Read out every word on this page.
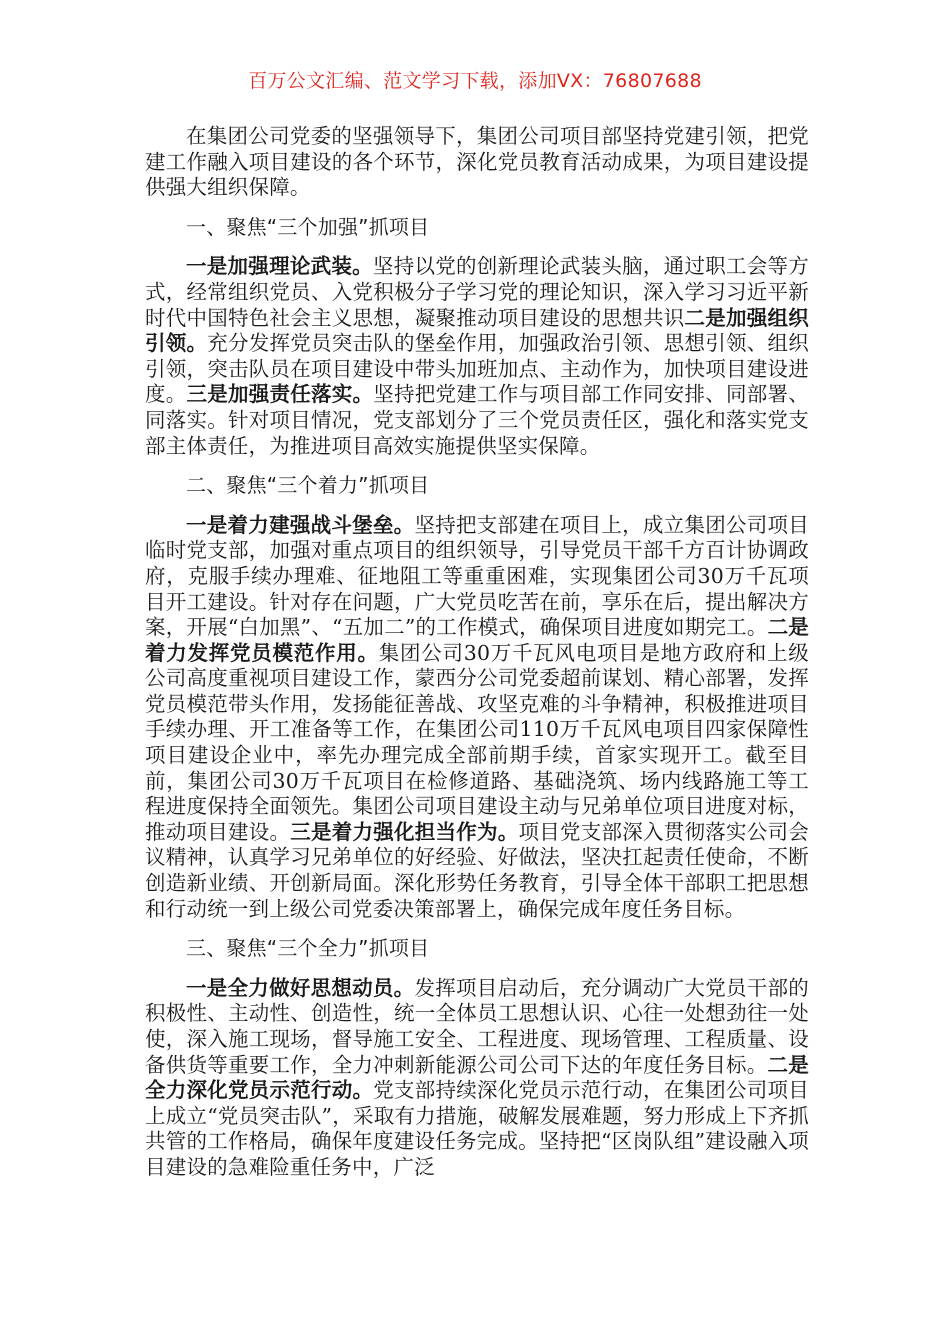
百万公文汇编、范文学习下载，添加VX：76807688

在集团公司党委的坚强领导下，集团公司项目部坚持党建引领，把党建工作融入项目建设的各个环节，深化党员教育活动成果，为项目建设提供强大组织保障。

一、聚焦“三个加强”抓项目

一是加强理论武装。坚持以党的创新理论武装头脑，通过职工会等方式，经常组织党员、入党积极分子学习党的理论知识，深入学习习近平新时代中国特色社会主义思想，凝聚推动项目建设的思想共识二是加强组织引领。充分发挥党员突击队的堡垒作用，加强政治引领、思想引领、组织引领，突击队员在项目建设中带头加班加点、主动作为，加快项目建设进度。三是加强责任落实。坚持把党建工作与项目部工作同安排、同部署、同落实。针对项目情况，党支部划分了三个党员责任区，强化和落实党支部主体责任，为推进项目高效实施提供坚实保障。

二、聚焦“三个着力”抓项目

一是着力建强战斗堡垒。坚持把支部建在项目上，成立集团公司项目临时党支部，加强对重点项目的组织领导，引导党员干部千方百计协调政府，克服手续办理难、征地阻工等重重困难，实现集团公司30万千瓦项目开工建设。针对存在问题，广大党员吃苦在前，享乐在后，提出解决方案，开展“白加黑”、“五加二”的工作模式，确保项目进度如期完工。二是着力发挥党员模范作用。集团公司30万千瓦风电项目是地方政府和上级公司高度重视项目建设工作，蒙西分公司党委超前谋划、精心部署，发挥党员模范带头作用，发扬能征善战、攻坚克难的斗争精神，积极推进项目手续办理、开工准备等工作，在集团公司110万千瓦风电项目四家保障性项目建设企业中，率先办理完成全部前期手续，首家实现开工。截至目前，集团公司30万千瓦项目在检修道路、基础浇筑、场内线路施工等工程进度保持全面领先。集团公司项目建设主动与兄弟单位项目进度对标，推动项目建设。三是着力强化担当作为。项目党支部深入贯彻落实公司会议精神，认真学习兄弟单位的好经验、好做法，坚决扛起责任使命，不断创造新业绩、开创新局面。深化形势任务教育，引导全体干部职工把思想和行动统一到上级公司党委决策部署上，确保完成年度任务目标。

三、聚焦“三个全力”抓项目

一是全力做好思想动员。发挥项目启动后，充分调动广大党员干部的积极性、主动性、创造性，统一全体员工思想认识、心往一处想劲往一处使，深入施工现场，督导施工安全、工程进度、现场管理、工程质量、设备供货等重要工作，全力冲刺新能源公司公司下达的年度任务目标。二是全力深化党员示范行动。党支部持续深化党员示范行动，在集团公司项目上成立“党员突击队”，采取有力措施，破解发展难题，努力形成上下齐抓共管的工作格局，确保年度建设任务完成。坚持把“区岗队组”建设融入项目建设的急难险重任务中，广泛
